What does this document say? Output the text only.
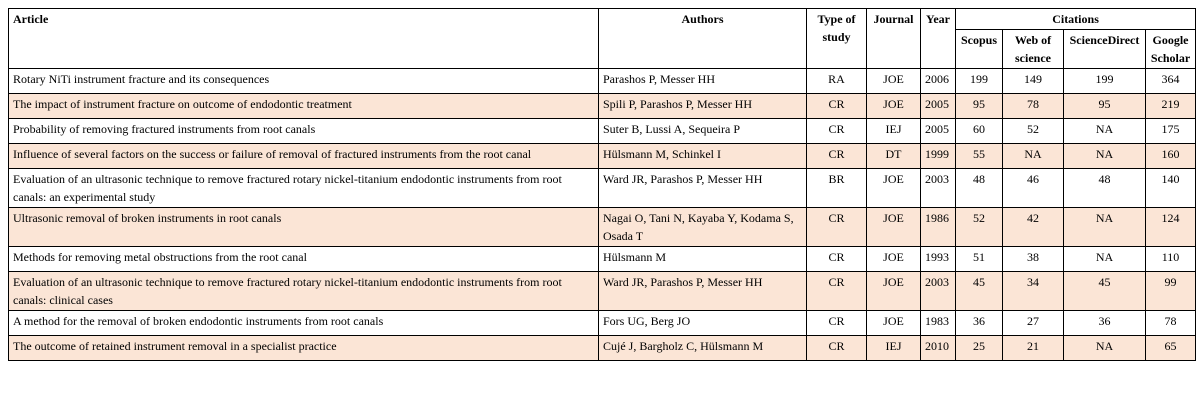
Article	Authors	Type of study	Journal	Year	Citations			
					Scopus	Web of science	ScienceDirect	Google Scholar
Rotary NiTi instrument fracture and its consequences	Parashos P, Messer HH	RA	JOE	2006	199	149	199	364
The impact of instrument fracture on outcome of endodontic treatment	Spili P, Parashos P, Messer HH	CR	JOE	2005	95	78	95	219
Probability of removing fractured instruments from root canals	Suter B, Lussi A, Sequeira P	CR	IEJ	2005	60	52	NA	175
Influence of several factors on the success or failure of removal of fractured instruments from the root canal	Hülsmann M, Schinkel I	CR	DT	1999	55	NA	NA	160
Evaluation of an ultrasonic technique to remove fractured rotary nickel-titanium endodontic instruments from root canals: an experimental study	Ward JR, Parashos P, Messer HH	BR	JOE	2003	48	46	48	140
Ultrasonic removal of broken instruments in root canals	Nagai O, Tani N, Kayaba Y, Kodama S, Osada T	CR	JOE	1986	52	42	NA	124
Methods for removing metal obstructions from the root canal	Hülsmann M	CR	JOE	1993	51	38	NA	110
Evaluation of an ultrasonic technique to remove fractured rotary nickel-titanium endodontic instruments from root canals: clinical cases	Ward JR, Parashos P, Messer HH	CR	JOE	2003	45	34	45	99
A method for the removal of broken endodontic instruments from root canals	Fors UG, Berg JO	CR	JOE	1983	36	27	36	78
The outcome of retained instrument removal in a specialist practice	Cujé J, Bargholz C, Hülsmann M	CR	IEJ	2010	25	21	NA	65
